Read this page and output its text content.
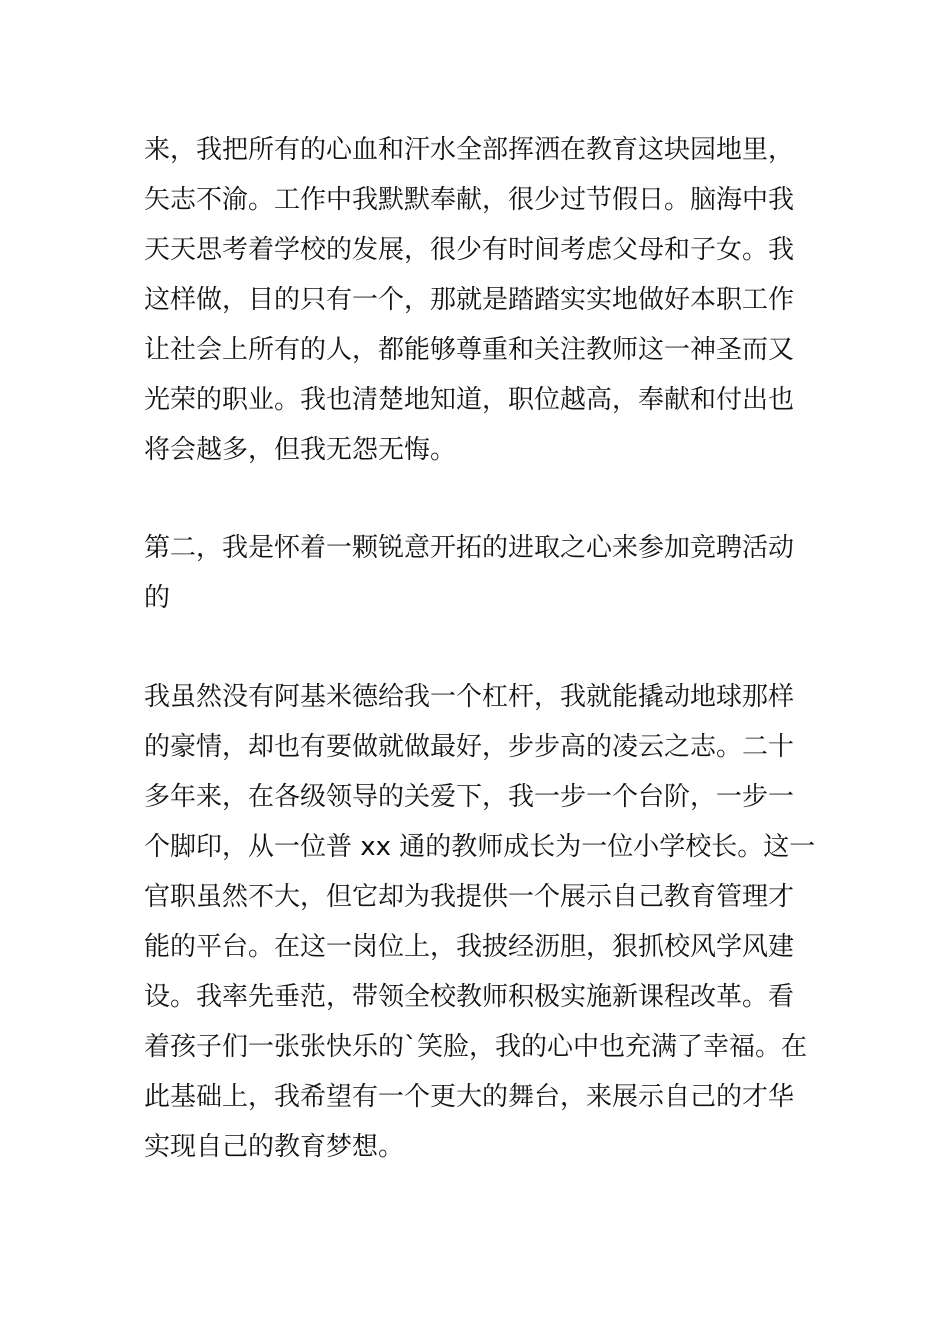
来，我把所有的心血和汗水全部挥洒在教育这块园地里，
矢志不渝。工作中我默默奉献，很少过节假日。脑海中我
天天思考着学校的发展，很少有时间考虑父母和子女。我
这样做，目的只有一个，那就是踏踏实实地做好本职工作
让社会上所有的人，都能够尊重和关注教师这一神圣而又
光荣的职业。我也清楚地知道，职位越高，奉献和付出也
将会越多，但我无怨无悔。
第二，我是怀着一颗锐意开拓的进取之心来参加竞聘活动
的
我虽然没有阿基米德给我一个杠杆，我就能撬动地球那样
的豪情，却也有要做就做最好，步步高的凌云之志。二十
多年来，在各级领导的关爱下，我一步一个台阶，一步一
个脚印，从一位普 xx 通的教师成长为一位小学校长。这一
官职虽然不大，但它却为我提供一个展示自己教育管理才
能的平台。在这一岗位上，我披经沥胆，狠抓校风学风建
设。我率先垂范，带领全校教师积极实施新课程改革。看
着孩子们一张张快乐的`笑脸，我的心中也充满了幸福。在
此基础上，我希望有一个更大的舞台，来展示自己的才华
实现自己的教育梦想。
